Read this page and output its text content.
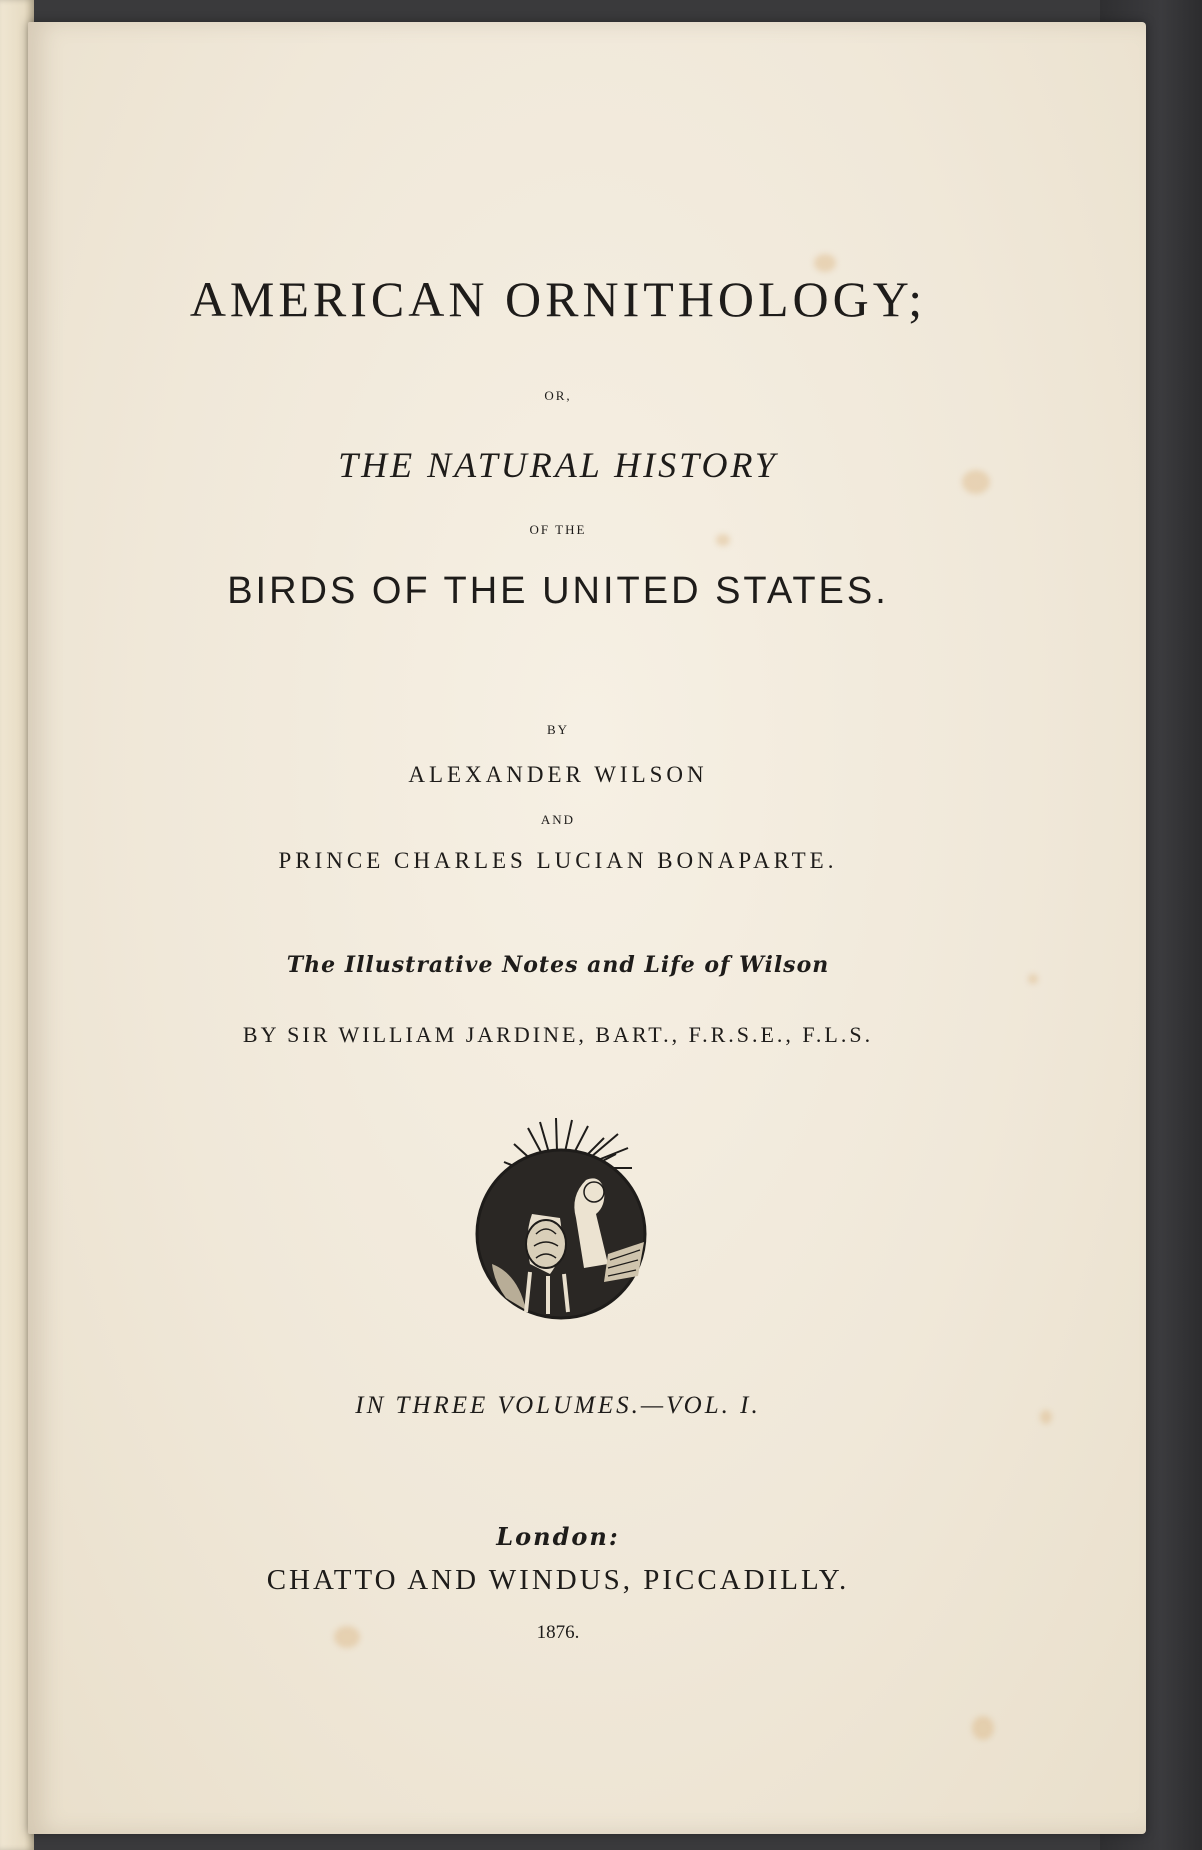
AMERICAN ORNITHOLOGY;
OR,
THE NATURAL HISTORY
OF THE
BIRDS OF THE UNITED STATES.
BY
ALEXANDER WILSON
AND
PRINCE CHARLES LUCIAN BONAPARTE.
The Illustrative Notes and Life of Wilson
BY SIR WILLIAM JARDINE, BART., F.R.S.E., F.L.S.
IN THREE VOLUMES.—VOL. I.
London:
CHATTO AND WINDUS, PICCADILLY.
1876.
